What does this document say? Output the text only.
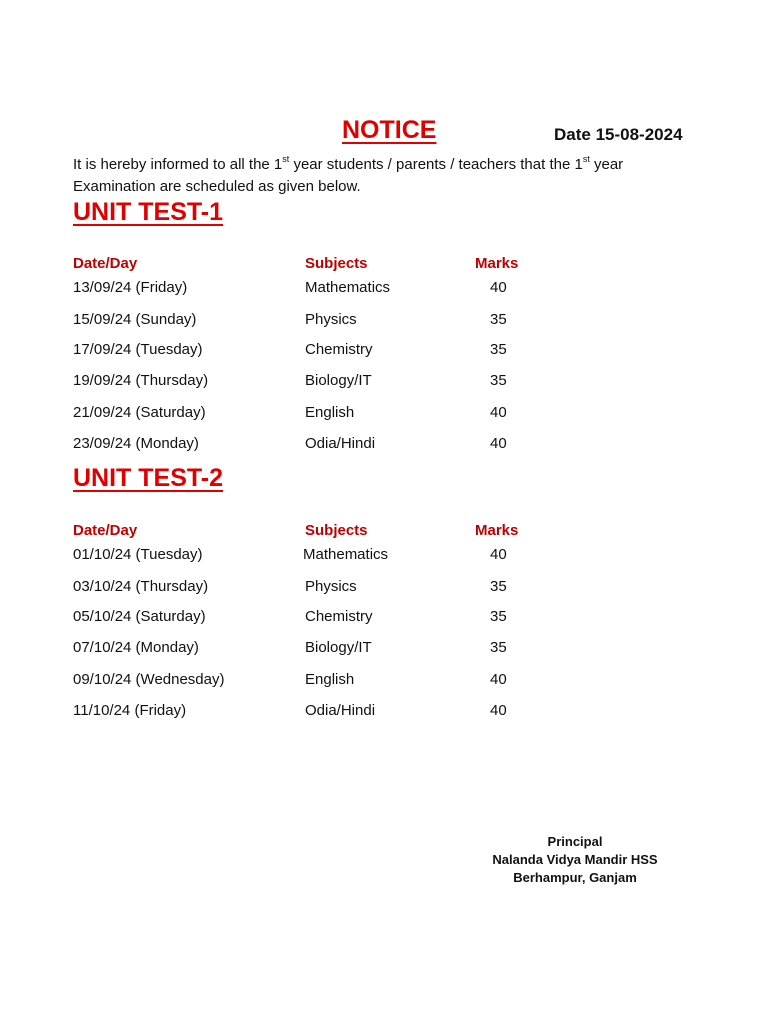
NOTICE	Date 15-08-2024
It is hereby informed to all the 1st year students / parents / teachers that the 1st year
Examination are scheduled as given below.
UNIT TEST-1
Date/Day	Subjects	Marks
13/09/24 (Friday)	Mathematics	40
15/09/24 (Sunday)	Physics	35
17/09/24 (Tuesday)	Chemistry	35
19/09/24 (Thursday)	Biology/IT	35
21/09/24 (Saturday)	English	40
23/09/24 (Monday)	Odia/Hindi	40
UNIT TEST-2
Date/Day	Subjects	Marks
01/10/24 (Tuesday)	Mathematics	40
03/10/24 (Thursday)	Physics	35
05/10/24 (Saturday)	Chemistry	35
07/10/24 (Monday)	Biology/IT	35
09/10/24 (Wednesday)	English	40
11/10/24 (Friday)	Odia/Hindi	40
Principal
Nalanda Vidya Mandir HSS
Berhampur, Ganjam
